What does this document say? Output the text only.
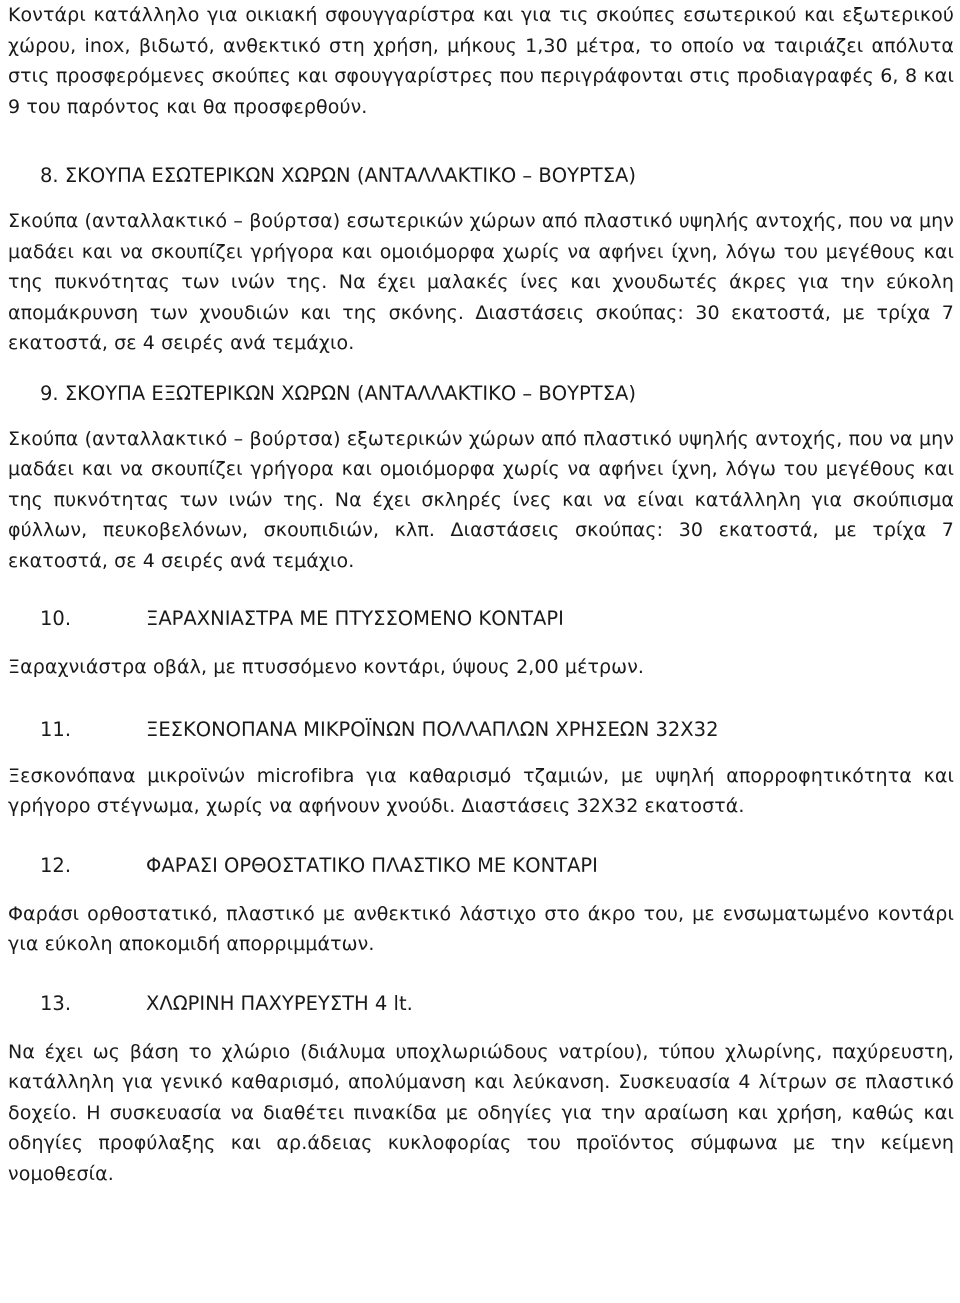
Κοντάρι κατάλληλο για οικιακή σφουγγαρίστρα και για τις σκούπες εσωτερικού και εξωτερικού χώρου, inox, βιδωτό, ανθεκτικό στη χρήση, μήκους 1,30 μέτρα, το οποίο να ταιριάζει απόλυτα στις προσφερόμενες σκούπες και σφουγγαρίστρες που περιγράφονται στις προδιαγραφές 6, 8 και 9 του παρόντος και θα προσφερθούν.

8. ΣΚΟΥΠΑ ΕΣΩΤΕΡΙΚΩΝ ΧΩΡΩΝ (ΑΝΤΑΛΛΑΚΤΙΚΟ – ΒΟΥΡΤΣΑ)

Σκούπα (ανταλλακτικό – βούρτσα) εσωτερικών χώρων από πλαστικό υψηλής αντοχής, που να μην μαδάει και να σκουπίζει γρήγορα και ομοιόμορφα χωρίς να αφήνει ίχνη, λόγω του μεγέθους και της πυκνότητας των ινών της. Να έχει μαλακές ίνες και χνουδωτές άκρες για την εύκολη απομάκρυνση των χνουδιών και της σκόνης. Διαστάσεις σκούπας: 30 εκατοστά, με τρίχα 7 εκατοστά, σε 4 σειρές ανά τεμάχιο.

9. ΣΚΟΥΠΑ ΕΞΩΤΕΡΙΚΩΝ ΧΩΡΩΝ (ΑΝΤΑΛΛΑΚΤΙΚΟ – ΒΟΥΡΤΣΑ)

Σκούπα (ανταλλακτικό – βούρτσα) εξωτερικών χώρων από πλαστικό υψηλής αντοχής, που να μην μαδάει και να σκουπίζει γρήγορα και ομοιόμορφα χωρίς να αφήνει ίχνη, λόγω του μεγέθους και της πυκνότητας των ινών της. Να έχει σκληρές ίνες και να είναι κατάλληλη για σκούπισμα φύλλων, πευκοβελόνων, σκουπιδιών, κλπ. Διαστάσεις σκούπας: 30 εκατοστά, με τρίχα 7 εκατοστά, σε 4 σειρές ανά τεμάχιο.

10.	ΞΑΡΑΧΝΙΑΣΤΡΑ ΜΕ ΠΤΥΣΣΟΜΕΝΟ ΚΟΝΤΑΡΙ

Ξαραχνιάστρα οβάλ, με πτυσσόμενο κοντάρι, ύψους 2,00 μέτρων.

11.	ΞΕΣΚΟΝΟΠΑΝΑ ΜΙΚΡΟΪΝΩΝ ΠΟΛΛΑΠΛΩΝ ΧΡΗΣΕΩΝ 32Χ32

Ξεσκονόπανα μικροϊνών microfibra για καθαρισμό τζαμιών, με υψηλή απορροφητικότητα και γρήγορο στέγνωμα, χωρίς να αφήνουν χνούδι. Διαστάσεις 32Χ32 εκατοστά.

12.	ΦΑΡΑΣΙ ΟΡΘΟΣΤΑΤΙΚΟ ΠΛΑΣΤΙΚΟ ΜΕ ΚΟΝΤΑΡΙ

Φαράσι ορθοστατικό, πλαστικό με ανθεκτικό λάστιχο στο άκρο του, με ενσωματωμένο κοντάρι για εύκολη αποκομιδή απορριμμάτων.

13.	ΧΛΩΡΙΝΗ ΠΑΧΥΡΕΥΣΤΗ 4 lt.

Να έχει ως βάση το χλώριο (διάλυμα υποχλωριώδους νατρίου), τύπου χλωρίνης, παχύρευστη, κατάλληλη για γενικό καθαρισμό, απολύμανση και λεύκανση. Συσκευασία 4 λίτρων σε πλαστικό δοχείο. Η συσκευασία να διαθέτει πινακίδα με οδηγίες για την αραίωση και χρήση, καθώς και οδηγίες προφύλαξης και αρ.άδειας κυκλοφορίας του προϊόντος σύμφωνα με την κείμενη νομοθεσία.
